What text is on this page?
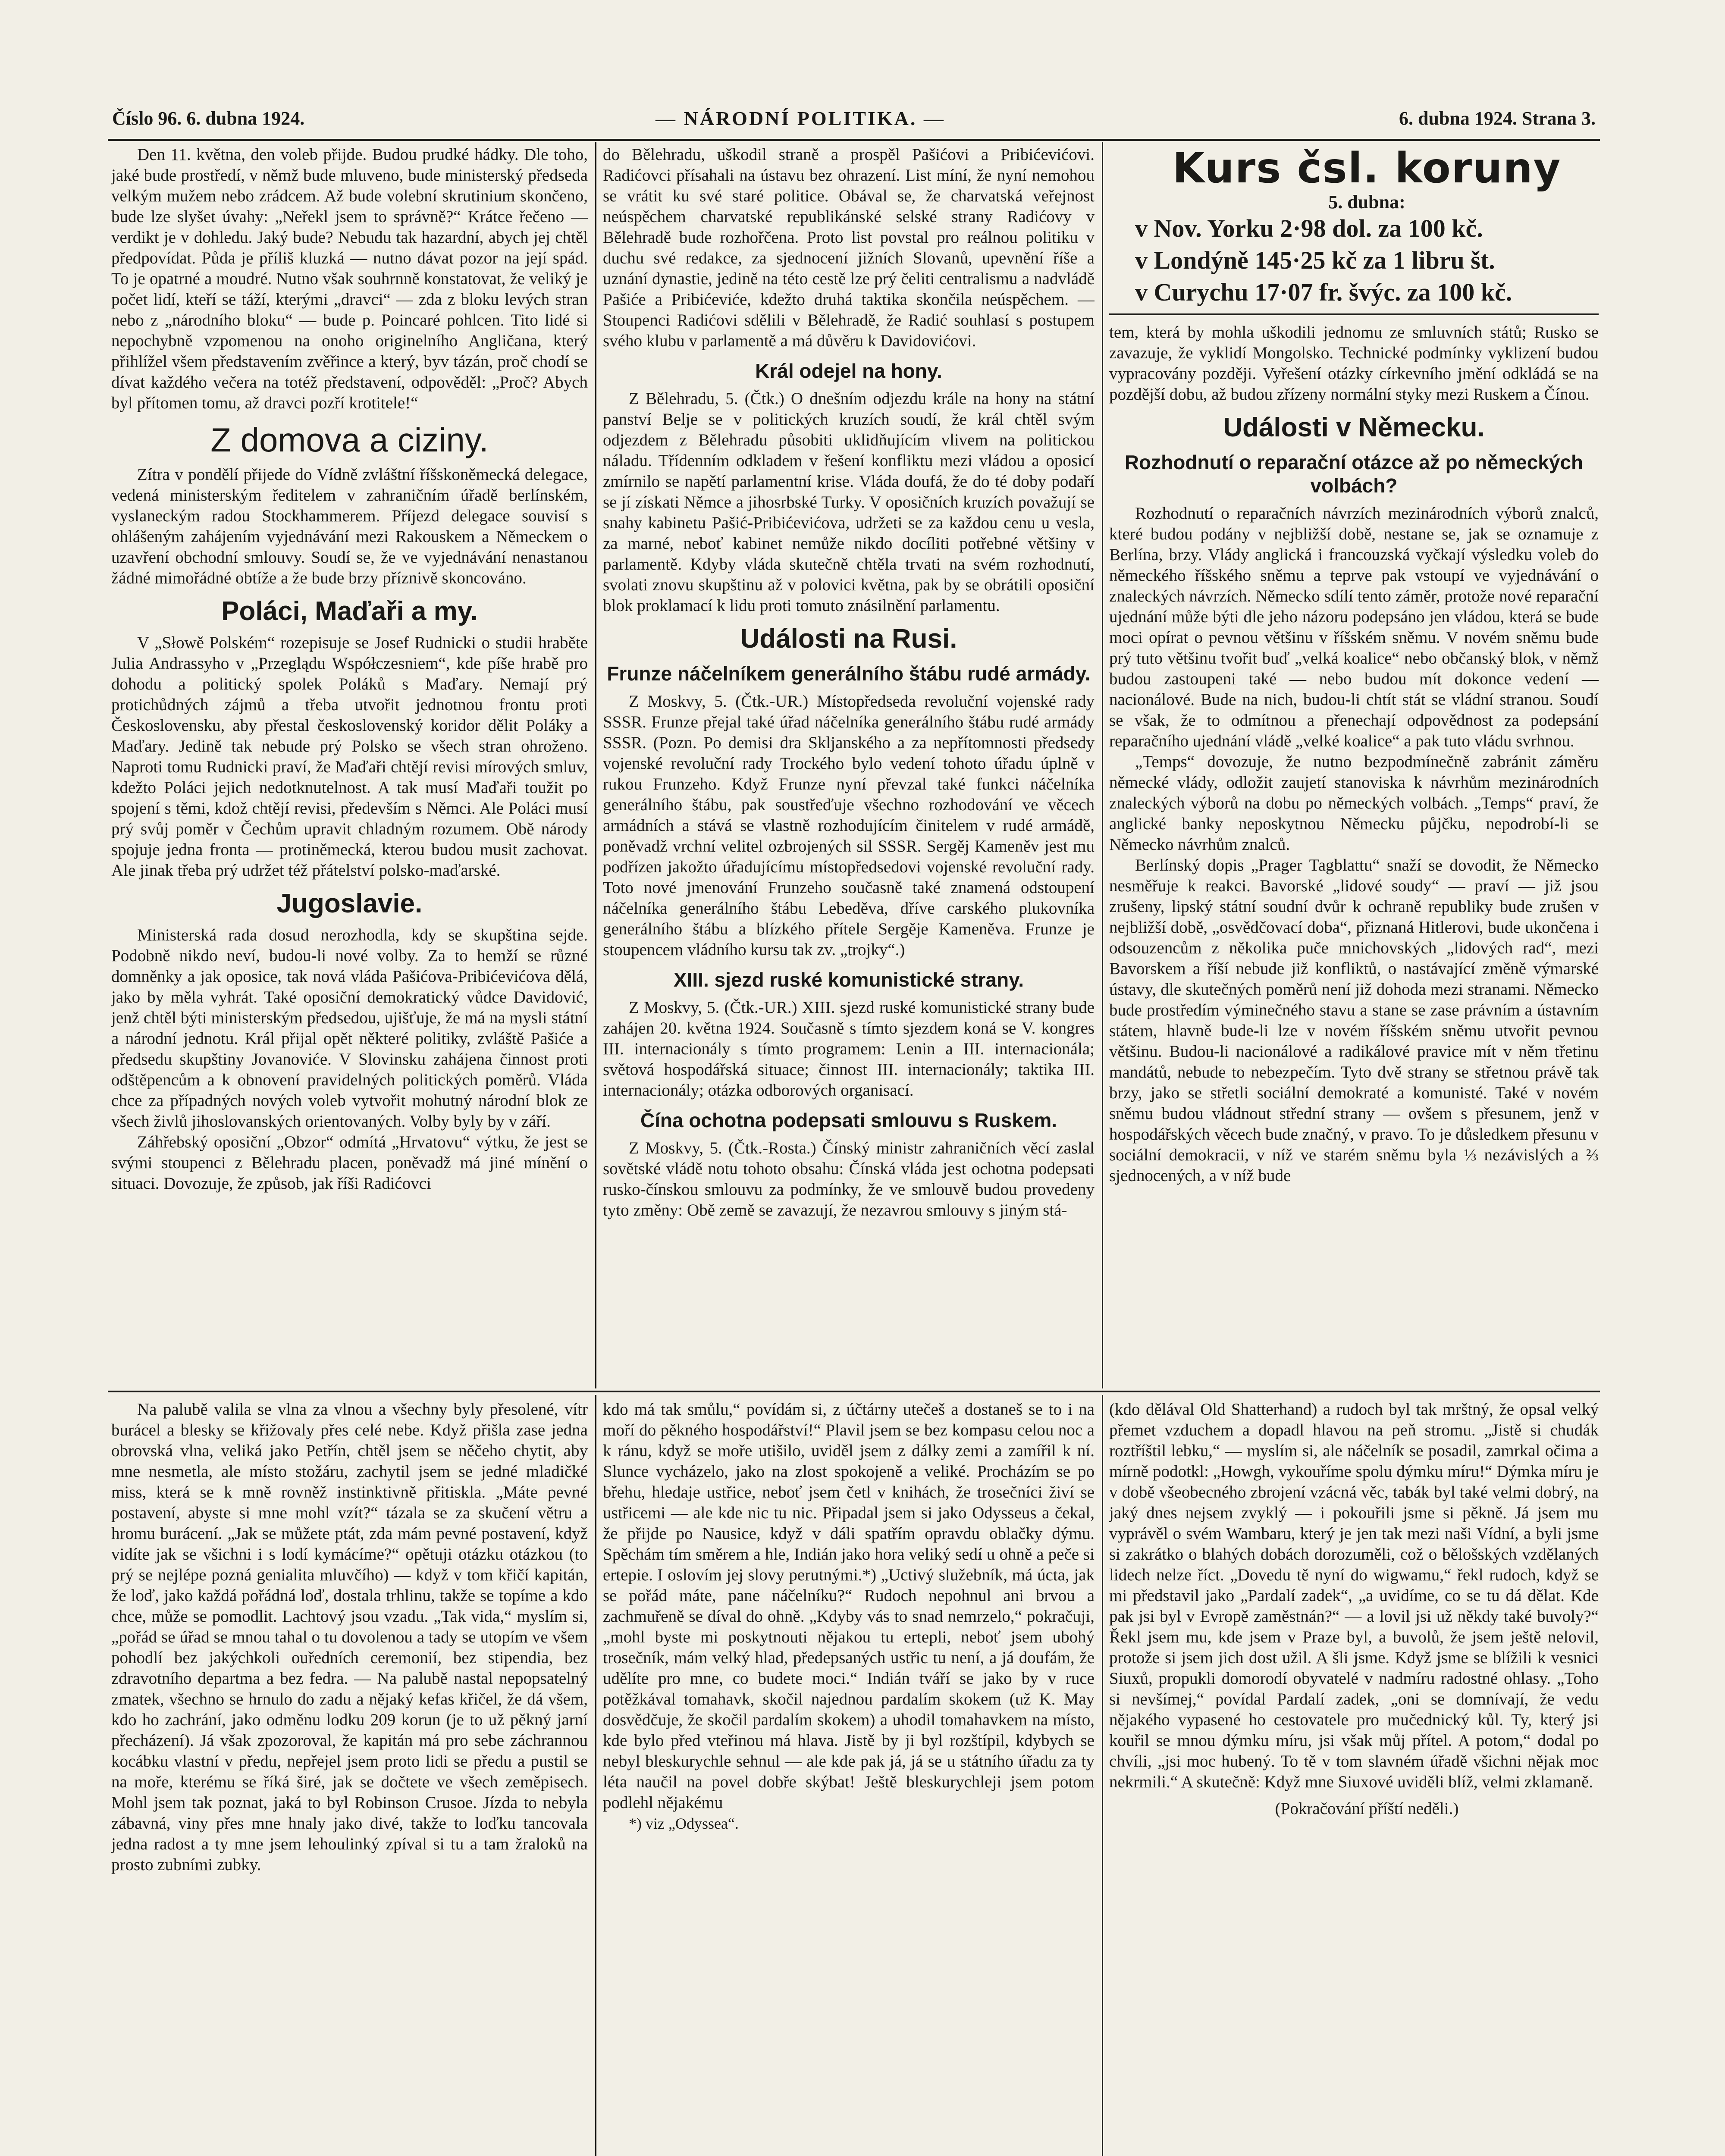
Číslo 96. 6. dubna 1924.	— NÁRODNÍ POLITIKA. —	6. dubna 1924. Strana 3.

Den 11. května, den voleb přijde. Budou prudké hádky. Dle toho, jaké bude prostředí, v němž bude mluveno, bude ministerský předseda velkým mužem nebo zrádcem. Až bude volební skrutinium skončeno, bude lze slyšet úvahy: „Neřekl jsem to správně?“ Krátce řečeno — verdikt je v dohledu. Jaký bude? Nebudu tak hazardní, abych jej chtěl předpovídat. Půda je příliš kluzká — nutno dávat pozor na její spád. To je opatrné a moudré. Nutno však souhrnně konstatovat, že veliký je počet lidí, kteří se táží, kterými „dravci“ — zda z bloku levých stran nebo z „národního bloku“ — bude p. Poincaré pohlcen. Tito lidé si nepochybně vzpomenou na onoho originelního Angličana, který přihlížel všem představením zvěřince a který, byv tázán, proč chodí se dívat každého večera na totéž představení, odpověděl: „Proč? Abych byl přítomen tomu, až dravci pozří krotitele!“

Z domova a ciziny.

Zítra v pondělí přijede do Vídně zvláštní říšskoněmecká delegace, vedená ministerským ředitelem v zahraničním úřadě berlínském, vyslaneckým radou Stockhammerem. Příjezd delegace souvisí s ohlášeným zahájením vyjednávání mezi Rakouskem a Německem o uzavření obchodní smlouvy. Soudí se, že ve vyjednávání nenastanou žádné mimořádné obtíže a že bude brzy příznivě skoncováno.

Poláci, Maďaři a my.

V „Słowě Polském“ rozepisuje se Josef Rudnicki o studii hraběte Julia Andrassyho v „Przeglądu Współczesniem“, kde píše hrabě pro dohodu a politický spolek Poláků s Maďary. Nemají prý protichůdných zájmů a třeba utvořit jednotnou frontu proti Československu, aby přestal československý koridor dělit Poláky a Maďary. Jedině tak nebude prý Polsko se všech stran ohroženo. Naproti tomu Rudnicki praví, že Maďaři chtějí revisi mírových smluv, kdežto Poláci jejich nedotknutelnost. A tak musí Maďaři toužit po spojení s těmi, kdož chtějí revisi, především s Němci. Ale Poláci musí prý svůj poměr v Čechům upravit chladným rozumem. Obě národy spojuje jedna fronta — protiněmecká, kterou budou musit zachovat. Ale jinak třeba prý udržet též přátelství polsko-maďarské.

Jugoslavie.

Ministerská rada dosud nerozhodla, kdy se skupština sejde. Podobně nikdo neví, budou-li nové volby. Za to hemží se různé domněnky a jak oposice, tak nová vláda Pašićova-Pribićevićova dělá, jako by měla vyhrát. Také oposiční demokratický vůdce Davidović, jenž chtěl býti ministerským předsedou, ujišťuje, že má na mysli státní a národní jednotu. Král přijal opět některé politiky, zvláště Pašiće a předsedu skupštiny Jovanoviće. V Slovinsku zahájena činnost proti odštěpencům a k obnovení pravidelných politických poměrů. Vláda chce za případných nových voleb vytvořit mohutný národní blok ze všech živlů jihoslovanských orientovaných. Volby byly by v září.

Záhřebský oposiční „Obzor“ odmítá „Hrvatovu“ výtku, že jest se svými stoupenci z Bělehradu placen, poněvadž má jiné mínění o situaci. Dovozuje, že způsob, jak říši Radićovci

do Bělehradu, uškodil straně a prospěl Pašićovi a Pribićevićovi. Radićovci přísahali na ústavu bez ohrazení. List míní, že nyní nemohou se vrátit ku své staré politice. Obával se, že charvatská veřejnost neúspěchem charvatské republikánské selské strany Radićovy v Bělehradě bude rozhořčena. Proto list povstal pro reálnou politiku v duchu své redakce, za sjednocení jižních Slovanů, upevnění říše a uznání dynastie, jedině na této cestě lze prý čeliti centralismu a nadvládě Pašiće a Pribićeviće, kdežto druhá taktika skončila neúspěchem. — Stoupenci Radićovi sdělili v Bělehradě, že Radić souhlasí s postupem svého klubu v parlamentě a má důvěru k Davidovićovi.

Král odejel na hony.

Z Bělehradu, 5. (Čtk.) O dnešním odjezdu krále na hony na státní panství Belje se v politických kruzích soudí, že král chtěl svým odjezdem z Bělehradu působiti uklidňujícím vlivem na politickou náladu. Třídenním odkladem v řešení konfliktu mezi vládou a oposicí zmírnilo se napětí parlamentní krise. Vláda doufá, že do té doby podaří se jí získati Němce a jihosrbské Turky. V oposičních kruzích považují se snahy kabinetu Pašić-Pribićevićova, udržeti se za každou cenu u vesla, za marné, neboť kabinet nemůže nikdo docíliti potřebné většiny v parlamentě. Kdyby vláda skutečně chtěla trvati na svém rozhodnutí, svolati znovu skupštinu až v polovici května, pak by se obrátili oposiční blok proklamací k lidu proti tomuto znásilnění parlamentu.

Události na Rusi.
Frunze náčelníkem generálního štábu rudé armády.

Z Moskvy, 5. (Čtk.-UR.) Místopředseda revoluční vojenské rady SSSR. Frunze přejal také úřad náčelníka generálního štábu rudé armády SSSR. (Pozn. Po demisi dra Skljanského a za nepřítomnosti předsedy vojenské revoluční rady Trockého bylo vedení tohoto úřadu úplně v rukou Frunzeho. Když Frunze nyní převzal také funkci náčelníka generálního štábu, pak soustřeďuje všechno rozhodování ve věcech armádních a stává se vlastně rozhodujícím činitelem v rudé armádě, poněvadž vrchní velitel ozbrojených sil SSSR. Sergěj Kameněv jest mu podřízen jakožto úřadujícímu místopředsedovi vojenské revoluční rady. Toto nové jmenování Frunzeho současně také znamená odstoupení náčelníka generálního štábu Lebeděva, dříve carského plukovníka generálního štábu a blízkého přítele Sergěje Kameněva. Frunze je stoupencem vládního kursu tak zv. „trojky“.)

XIII. sjezd ruské komunistické strany.

Z Moskvy, 5. (Čtk.-UR.) XIII. sjezd ruské komunistické strany bude zahájen 20. května 1924. Současně s tímto sjezdem koná se V. kongres III. internacionály s tímto programem: Lenin a III. internacionála; světová hospodářská situace; činnost III. internacionály; taktika III. internacionály; otázka odborových organisací.

Čína ochotna podepsati smlouvu s Ruskem.

Z Moskvy, 5. (Čtk.-Rosta.) Čínský ministr zahraničních věcí zaslal sovětské vládě notu tohoto obsahu: Čínská vláda jest ochotna podepsati rusko-čínskou smlouvu za podmínky, že ve smlouvě budou provedeny tyto změny: Obě země se zavazují, že nezavrou smlouvy s jiným stá-

Kurs čsl. koruny

5. dubna:

v Nov. Yorku 2·98 dol. za 100 kč.

v Londýně 145·25 kč za 1 libru št.

v Curychu 17·07 fr. švýc. za 100 kč.

tem, která by mohla uškodili jednomu ze smluvních států; Rusko se zavazuje, že vyklidí Mongolsko. Technické podmínky vyklizení budou vypracovány později. Vyřešení otázky církevního jmění odkládá se na pozdější dobu, až budou zřízeny normální styky mezi Ruskem a Čínou.

Události v Německu.
Rozhodnutí o reparační otázce až po německých volbách?

Rozhodnutí o reparačních návrzích mezinárodních výborů znalců, které budou podány v nejbližší době, nestane se, jak se oznamuje z Berlína, brzy. Vlády anglická i francouzská vyčkají výsledku voleb do německého říšského sněmu a teprve pak vstoupí ve vyjednávání o znaleckých návrzích. Německo sdílí tento záměr, protože nové reparační ujednání může býti dle jeho názoru podepsáno jen vládou, která se bude moci opírat o pevnou většinu v říšském sněmu. V novém sněmu bude prý tuto většinu tvořit buď „velká koalice“ nebo občanský blok, v němž budou zastoupeni také — nebo budou mít dokonce vedení — nacionálové. Bude na nich, budou-li chtít stát se vládní stranou. Soudí se však, že to odmítnou a přenechají odpovědnost za podepsání reparačního ujednání vládě „velké koalice“ a pak tuto vládu svrhnou.

„Temps“ dovozuje, že nutno bezpodmínečně zabránit záměru německé vlády, odložit zaujetí stanoviska k návrhům mezinárodních znaleckých výborů na dobu po německých volbách. „Temps“ praví, že anglické banky neposkytnou Německu půjčku, nepodrobí-li se Německo návrhům znalců.

Berlínský dopis „Prager Tagblattu“ snaží se dovodit, že Německo nesměřuje k reakci. Bavorské „lidové soudy“ — praví — již jsou zrušeny, lipský státní soudní dvůr k ochraně republiky bude zrušen v nejbližší době, „osvědčovací doba“, přiznaná Hitlerovi, bude ukončena i odsouzencům z několika puče mnichovských „lidových rad“, mezi Bavorskem a říší nebude již konfliktů, o nastávající změně výmarské ústavy, dle skutečných poměrů není již dohoda mezi stranami. Německo bude prostředím výminečného stavu a stane se zase právním a ústavním státem, hlavně bude-li lze v novém říšském sněmu utvořit pevnou většinu. Budou-li nacionálové a radikálové pravice mít v něm třetinu mandátů, nebude to nebezpečím. Tyto dvě strany se střetnou právě tak brzy, jako se střetli sociální demokraté a komunisté. Také v novém sněmu budou vládnout střední strany — ovšem s přesunem, jenž v hospodářských věcech bude značný, v pravo. To je důsledkem přesunu v sociální demokracii, v níž ve starém sněmu byla ⅓ nezávislých a ⅔ sjednocených, a v níž bude

Na palubě valila se vlna za vlnou a všechny byly přesolené, vítr burácel a blesky se křižovaly přes celé nebe. Když přišla zase jedna obrovská vlna, veliká jako Petřín, chtěl jsem se něčeho chytit, aby mne nesmetla, ale místo stožáru, zachytil jsem se jedné mladičké miss, která se k mně rovněž instinktivně přitiskla. „Máte pevné postavení, abyste si mne mohl vzít?“ tázala se za skučení větru a hromu burácení. „Jak se můžete ptát, zda mám pevné postavení, když vidíte jak se všichni i s lodí kymácíme?“ opětuji otázku otázkou (to prý se nejlépe pozná genialita mluvčího) — když v tom křičí kapitán, že loď, jako každá pořádná loď, dostala trhlinu, takže se topíme a kdo chce, může se pomodlit. Lachtový jsou vzadu. „Tak vida,“ myslím si, „pořád se úřad se mnou tahal o tu dovolenou a tady se utopím ve všem pohodlí bez jakýchkoli ouředních ceremonií, bez stipendia, bez zdravotního departma a bez fedra. — Na palubě nastal nepopsatelný zmatek, všechno se hrnulo do zadu a nějaký kefas křičel, že dá všem, kdo ho zachrání, jako odměnu lodku 209 korun (je to už pěkný jarní přecházení). Já však zpozoroval, že kapitán má pro sebe záchrannou kocábku vlastní v předu, nepřejel jsem proto lidi se předu a pustil se na moře, kterému se říká širé, jak se dočtete ve všech zeměpisech. Mohl jsem tak poznat, jaká to byl Robinson Crusoe. Jízda to nebyla zábavná, viny přes mne hnaly jako divé, takže to loďku tancovala jedna radost a ty mne jsem lehoulinký zpíval si tu a tam žraloků na prosto zubními zubky.

kdo má tak smůlu,“ povídám si, z účtárny utečeš a dostaneš se to i na moří do pěkného hospodářství!“ Plavil jsem se bez kompasu celou noc a k ránu, když se moře utišilo, uviděl jsem z dálky zemi a zamířil k ní. Slunce vycházelo, jako na zlost spokojeně a veliké. Procházím se po břehu, hledaje ustřice, neboť jsem četl v knihách, že trosečníci živí se ustřicemi — ale kde nic tu nic. Připadal jsem si jako Odysseus a čekal, že přijde po Nausice, když v dáli spatřím opravdu oblačky dýmu. Spěchám tím směrem a hle, Indián jako hora veliký sedí u ohně a peče si ertepie. I oslovím jej slovy perutnými.*) „Uctivý služebník, má úcta, jak se pořád máte, pane náčelníku?“ Rudoch nepohnul ani brvou a zachmuřeně se díval do ohně. „Kdyby vás to snad nemrzelo,“ pokračuji, „mohl byste mi poskytnouti nějakou tu ertepli, neboť jsem ubohý trosečník, mám velký hlad, předepsaných ustřic tu není, a já doufám, že udělíte pro mne, co budete moci.“ Indián tváří se jako by v ruce potěžkával tomahavk, skočil najednou pardalím skokem (už K. May dosvědčuje, že skočil pardalím skokem) a uhodil tomahavkem na místo, kde bylo před vteřinou má hlava. Jistě by ji byl rozštípil, kdybych se nebyl bleskurychle sehnul — ale kde pak já, já se u státního úřadu za ty léta naučil na povel dobře skýbat! Ještě bleskurychleji jsem potom podlehl nějakému

*) viz „Odyssea“.

(kdo dělával Old Shatterhand) a rudoch byl tak mrštný, že opsal velký přemet vzduchem a dopadl hlavou na peň stromu. „Jistě si chudák roztříštil lebku,“ — myslím si, ale náčelník se posadil, zamrkal očima a mírně podotkl: „Howgh, vykouříme spolu dýmku míru!“ Dýmka míru je v době všeobecného zbrojení vzácná věc, tabák byl také velmi dobrý, na jaký dnes nejsem zvyklý — i pokouřili jsme si pěkně. Já jsem mu vyprávěl o svém Wambaru, který je jen tak mezi naši Vídní, a byli jsme si zakrátko o blahých dobách dorozuměli, což o bělošských vzdělaných lidech nelze říct. „Dovedu tě nyní do wigwamu,“ řekl rudoch, když se mi představil jako „Pardalí zadek“, „a uvidíme, co se tu dá dělat. Kde pak jsi byl v Evropě zaměstnán?“ — a lovil jsi už někdy také buvoly?“ Řekl jsem mu, kde jsem v Praze byl, a buvolů, že jsem ještě nelovil, protože si jsem jich dost užil. A šli jsme. Když jsme se blížili k vesnici Siuxů, propukli domorodí obyvatelé v nadmíru radostné ohlasy. „Toho si nevšímej,“ povídal Pardalí zadek, „oni se domnívají, že vedu nějakého vypasené ho cestovatele pro mučednický kůl. Ty, který jsi kouřil se mnou dýmku míru, jsi však můj přítel. A potom,“ dodal po chvíli, „jsi moc hubený. To tě v tom slavném úřadě všichni nějak moc nekrmili.“ A skutečně: Když mne Siuxové uviděli blíž, velmi zklamaně.

(Pokračování příští neděli.)
